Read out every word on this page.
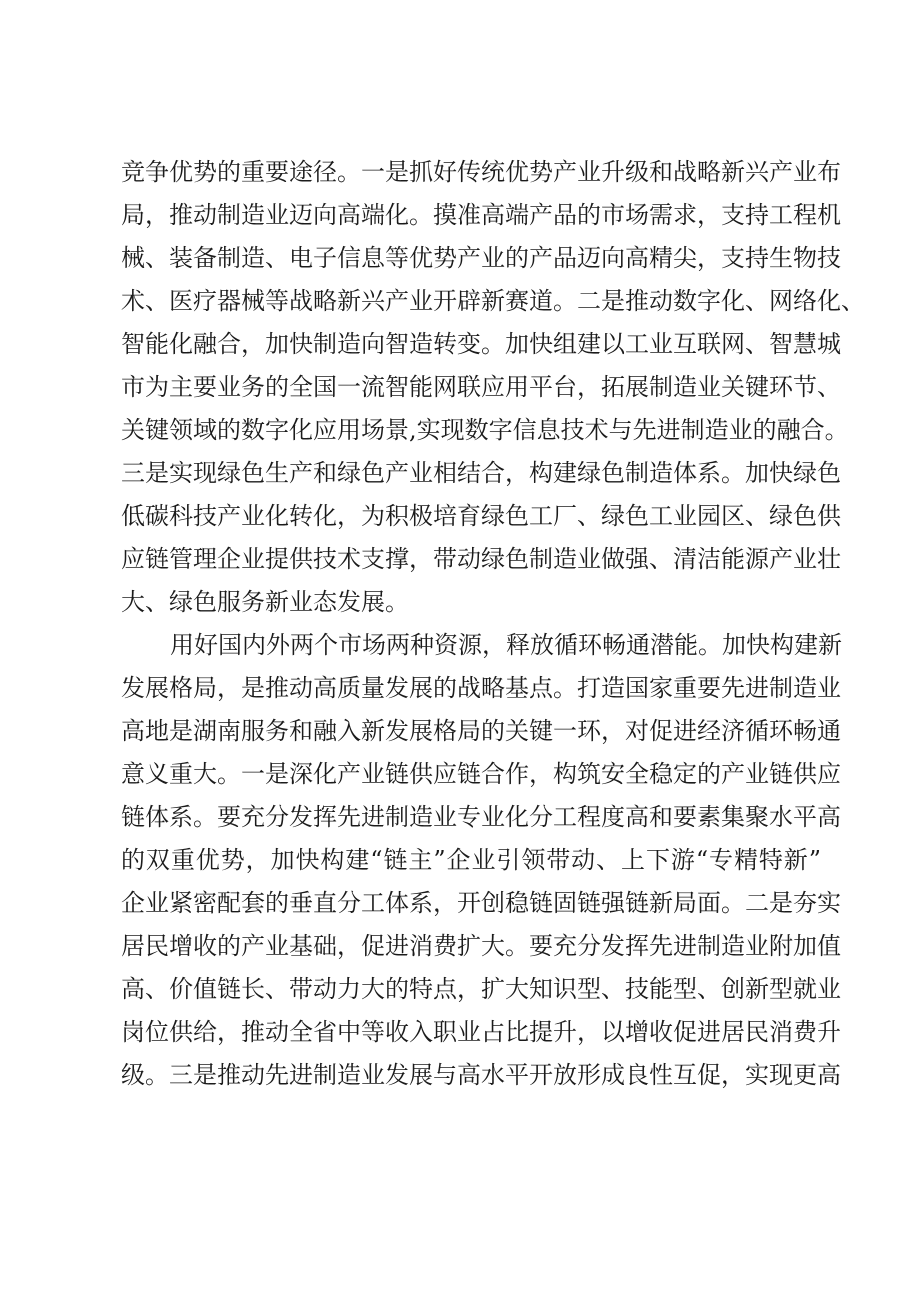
竞争优势的重要途径。一是抓好传统优势产业升级和战略新兴产业布
局，推动制造业迈向高端化。摸准高端产品的市场需求，支持工程机
械、装备制造、电子信息等优势产业的产品迈向高精尖，支持生物技
术、医疗器械等战略新兴产业开辟新赛道。二是推动数字化、网络化、
智能化融合，加快制造向智造转变。加快组建以工业互联网、智慧城
市为主要业务的全国一流智能网联应用平台，拓展制造业关键环节、
关键领域的数字化应用场景,实现数字信息技术与先进制造业的融合。
三是实现绿色生产和绿色产业相结合，构建绿色制造体系。加快绿色
低碳科技产业化转化，为积极培育绿色工厂、绿色工业园区、绿色供
应链管理企业提供技术支撑，带动绿色制造业做强、清洁能源产业壮
大、绿色服务新业态发展。
用好国内外两个市场两种资源，释放循环畅通潜能。加快构建新
发展格局，是推动高质量发展的战略基点。打造国家重要先进制造业
高地是湖南服务和融入新发展格局的关键一环，对促进经济循环畅通
意义重大。一是深化产业链供应链合作，构筑安全稳定的产业链供应
链体系。要充分发挥先进制造业专业化分工程度高和要素集聚水平高
的双重优势，加快构建“链主”企业引领带动、上下游“专精特新”
企业紧密配套的垂直分工体系，开创稳链固链强链新局面。二是夯实
居民增收的产业基础，促进消费扩大。要充分发挥先进制造业附加值
高、价值链长、带动力大的特点，扩大知识型、技能型、创新型就业
岗位供给，推动全省中等收入职业占比提升，以增收促进居民消费升
级。三是推动先进制造业发展与高水平开放形成良性互促，实现更高
